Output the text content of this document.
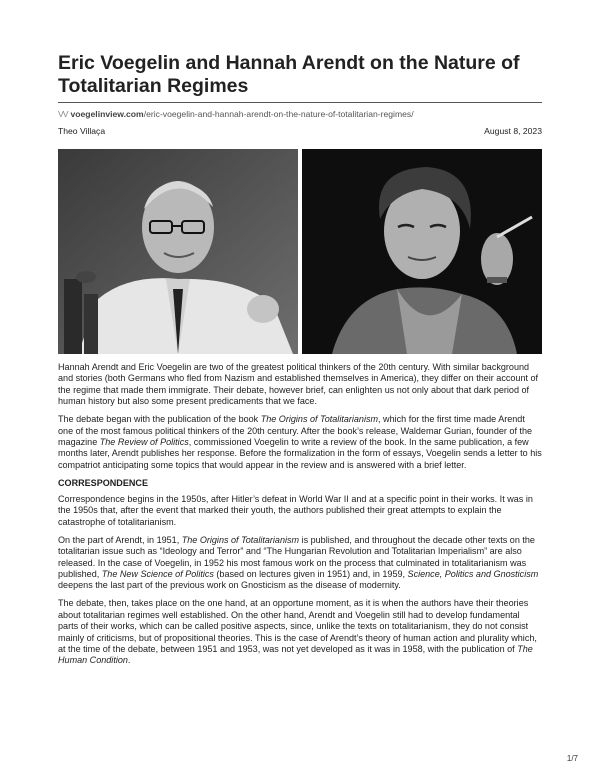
Eric Voegelin and Hannah Arendt on the Nature of Totalitarian Regimes
VV voegelinview.com/eric-voegelin-and-hannah-arendt-on-the-nature-of-totalitarian-regimes/
Theo Villaça	August 8, 2023

Hannah Arendt and Eric Voegelin are two of the greatest political thinkers of the 20th century. With similar background and stories (both Germans who fled from Nazism and established themselves in America), they differ on their account of the regime that made them immigrate. Their debate, however brief, can enlighten us not only about that dark period of human history but also some present predicaments that we face.

The debate began with the publication of the book The Origins of Totalitarianism, which for the first time made Arendt one of the most famous political thinkers of the 20th century. After the book’s release, Waldemar Gurian, founder of the magazine The Review of Politics, commissioned Voegelin to write a review of the book. In the same publication, a few months later, Arendt publishes her response. Before the formalization in the form of essays, Voegelin sends a letter to his compatriot anticipating some topics that would appear in the review and is answered with a brief letter.

CORRESPONDENCE

Correspondence begins in the 1950s, after Hitler’s defeat in World War II and at a specific point in their works. It was in the 1950s that, after the event that marked their youth, the authors published their great attempts to explain the catastrophe of totalitarianism.

On the part of Arendt, in 1951, The Origins of Totalitarianism is published, and throughout the decade other texts on the totalitarian issue such as “Ideology and Terror” and “The Hungarian Revolution and Totalitarian Imperialism” are also released. In the case of Voegelin, in 1952 his most famous work on the process that culminated in totalitarianism was published, The New Science of Politics (based on lectures given in 1951) and, in 1959, Science, Politics and Gnosticism deepens the last part of the previous work on Gnosticism as the disease of modernity.

The debate, then, takes place on the one hand, at an opportune moment, as it is when the authors have their theories about totalitarian regimes well established. On the other hand, Arendt and Voegelin still had to develop fundamental parts of their works, which can be called positive aspects, since, unlike the texts on totalitarianism, they do not consist mainly of criticisms, but of propositional theories. This is the case of Arendt’s theory of human action and plurality which, at the time of the debate, between 1951 and 1953, was not yet developed as it was in 1958, with the publication of The Human Condition.

1/7
